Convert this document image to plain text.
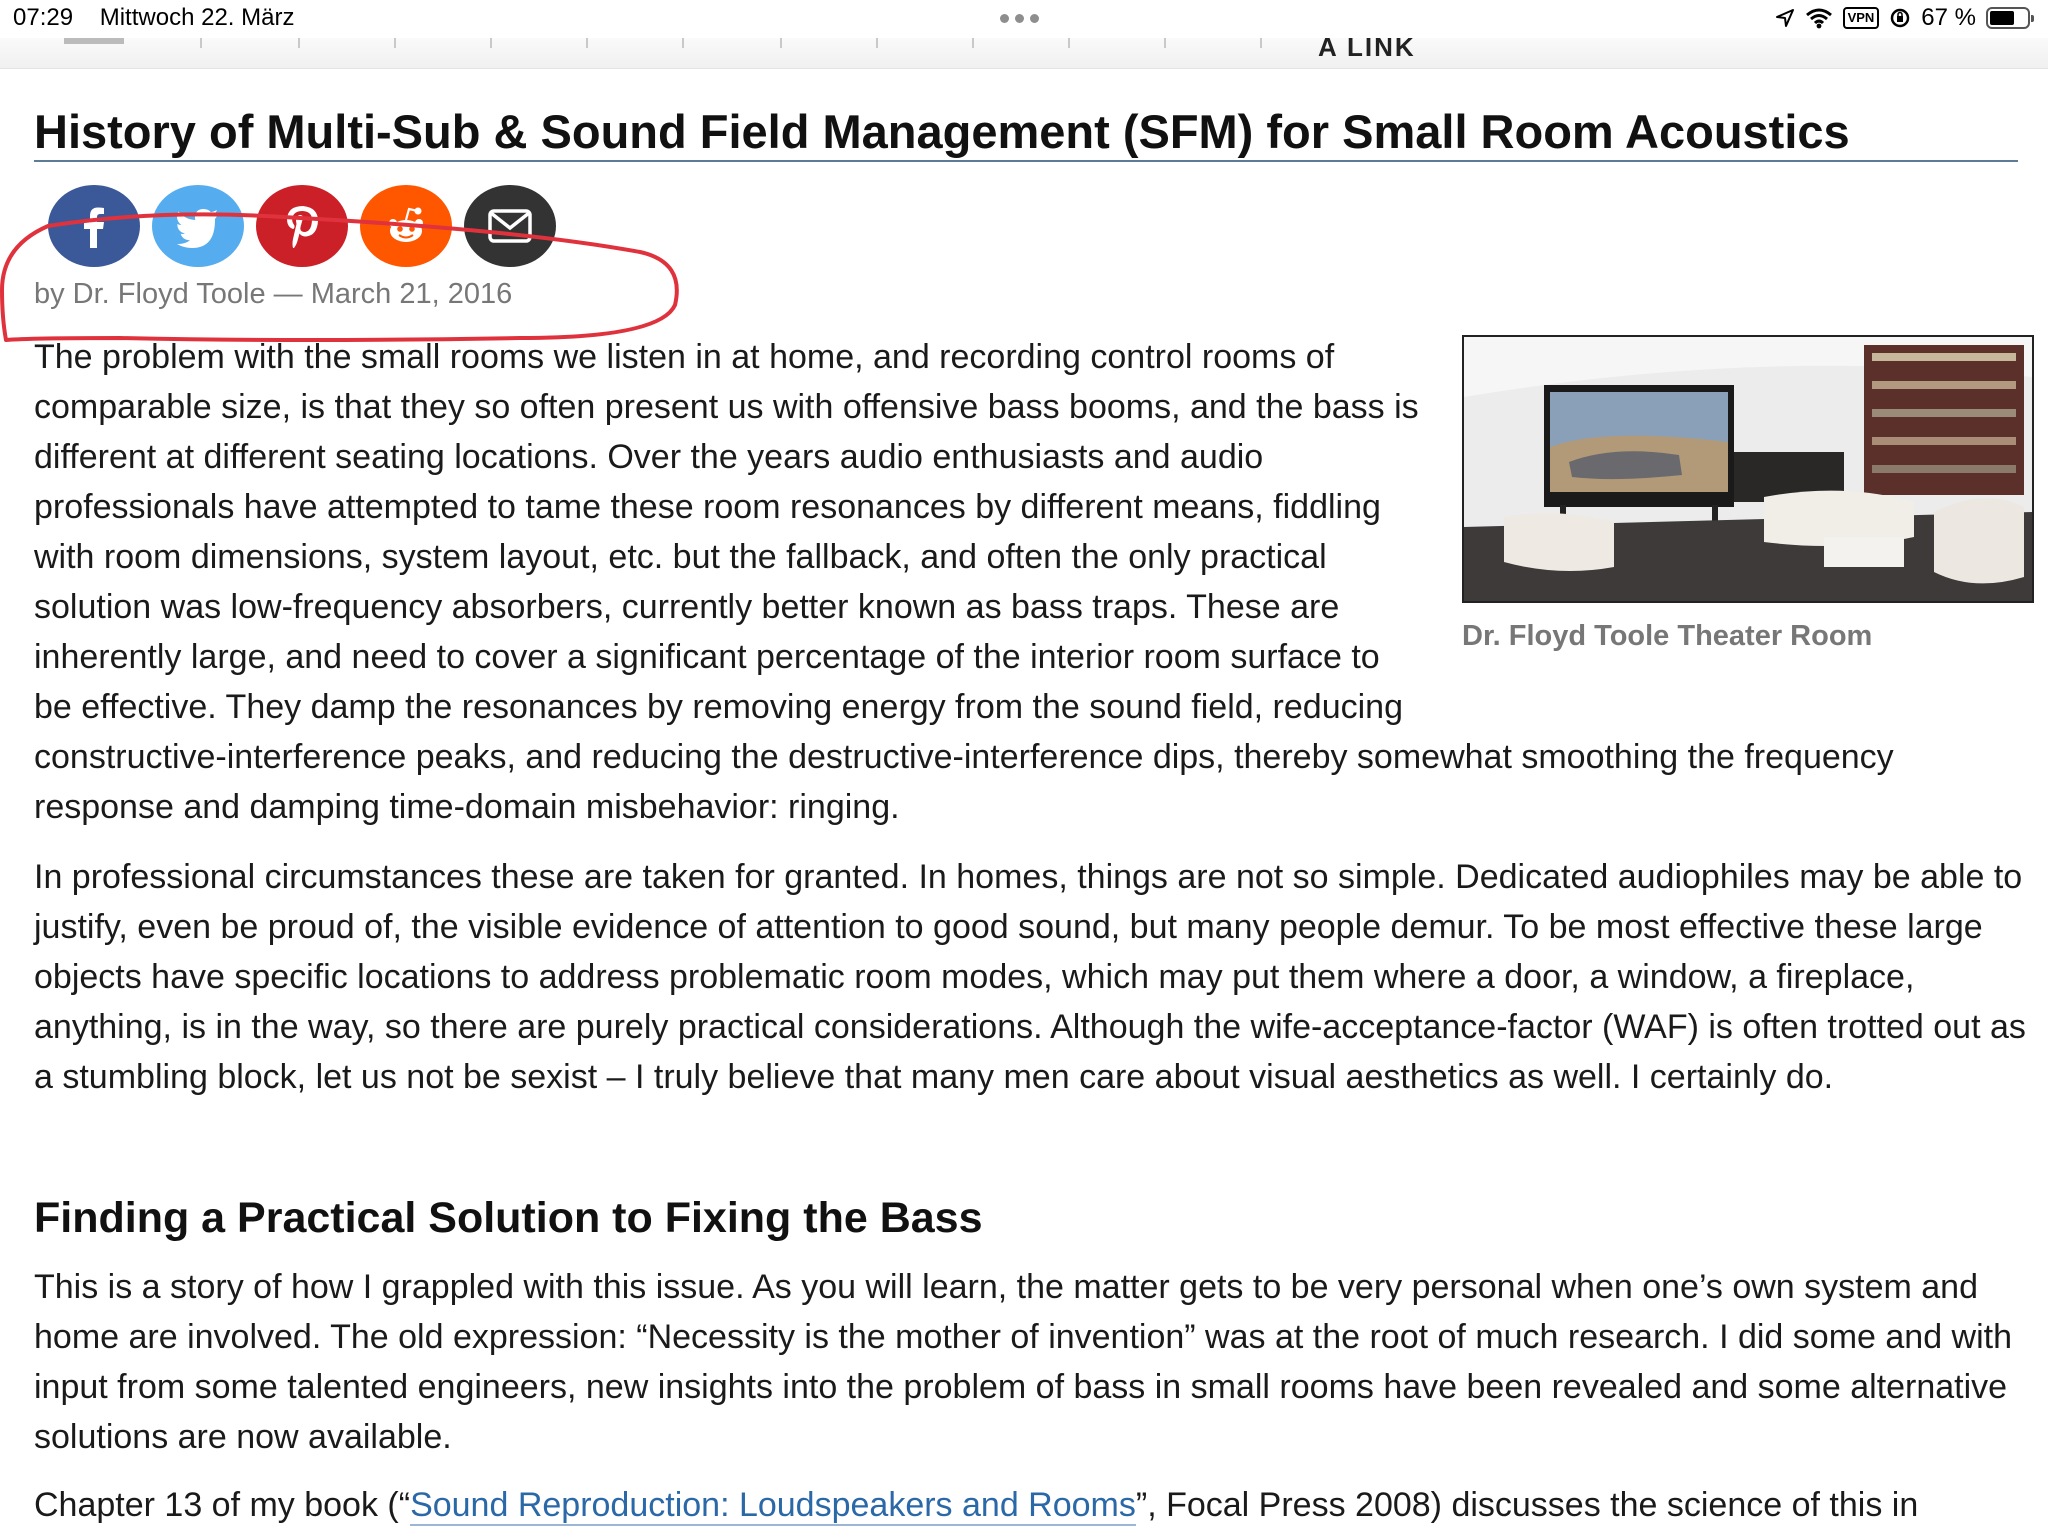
07:29 Mittwoch 22. März	VPN 67 %
A LINK
History of Multi-Sub & Sound Field Management (SFM) for Small Room Acoustics
by Dr. Floyd Toole — March 21, 2016
Dr. Floyd Toole Theater Room
The problem with the small rooms we listen in at home, and recording control rooms of comparable size, is that they so often present us with offensive bass booms, and the bass is different at different seating locations. Over the years audio enthusiasts and audio professionals have attempted to tame these room resonances by different means, fiddling with room dimensions, system layout, etc. but the fallback, and often the only practical solution was low-frequency absorbers, currently better known as bass traps. These are inherently large, and need to cover a significant percentage of the interior room surface to be effective. They damp the resonances by removing energy from the sound field, reducing constructive-interference peaks, and reducing the destructive-interference dips, thereby somewhat smoothing the frequency response and damping time-domain misbehavior: ringing.

In professional circumstances these are taken for granted. In homes, things are not so simple. Dedicated audiophiles may be able to justify, even be proud of, the visible evidence of attention to good sound, but many people demur. To be most effective these large objects have specific locations to address problematic room modes, which may put them where a door, a window, a fireplace, anything, is in the way, so there are purely practical considerations. Although the wife-acceptance-factor (WAF) is often trotted out as a stumbling block, let us not be sexist – I truly believe that many men care about visual aesthetics as well. I certainly do.

Finding a Practical Solution to Fixing the Bass

This is a story of how I grappled with this issue. As you will learn, the matter gets to be very personal when one’s own system and home are involved. The old expression: “Necessity is the mother of invention” was at the root of much research. I did some and with input from some talented engineers, new insights into the problem of bass in small rooms have been revealed and some alternative solutions are now available.

Chapter 13 of my book (“Sound Reproduction: Loudspeakers and Rooms”, Focal Press 2008) discusses the science of this in
